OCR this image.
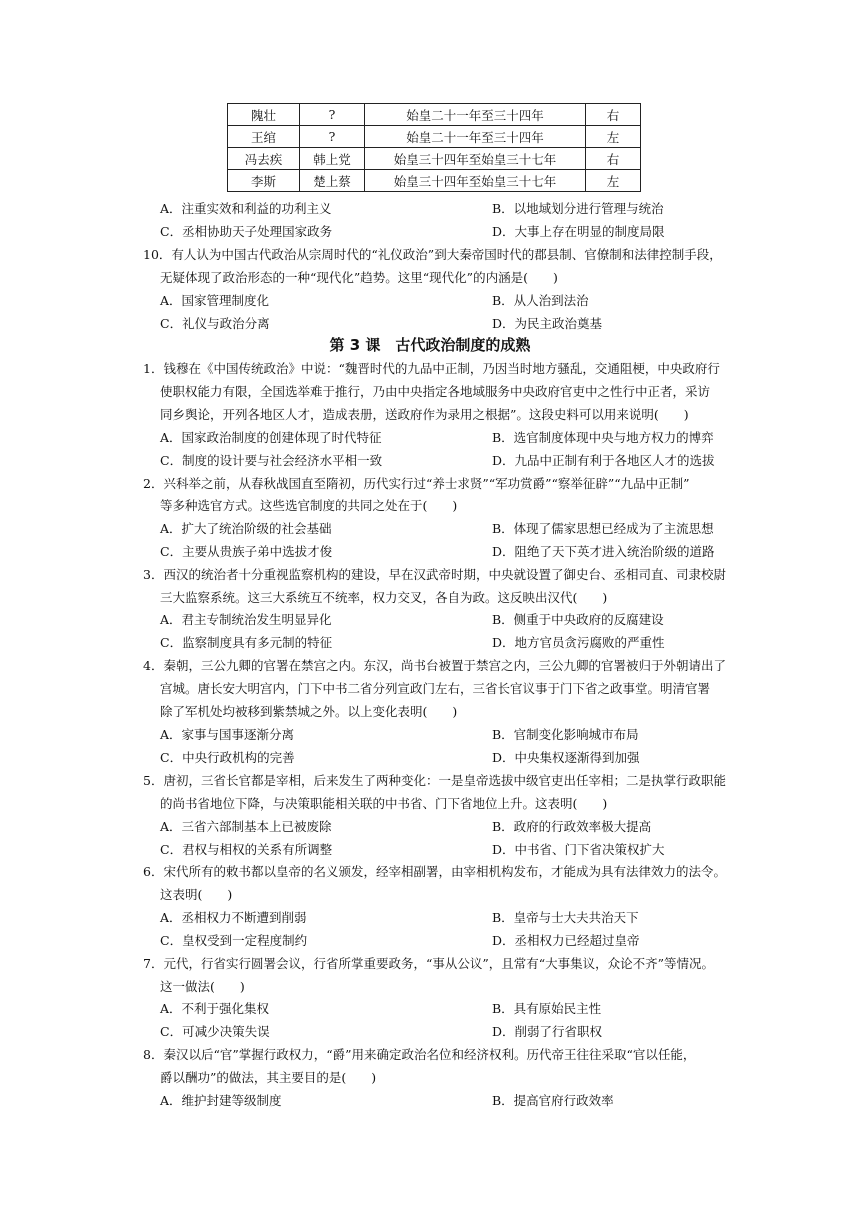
隗壮	?	始皇二十一年至三十四年	右
王绾	?	始皇二十一年至三十四年	左
冯去疾	韩上党	始皇三十四年至始皇三十七年	右
李斯	楚上蔡	始皇三十四年至始皇三十七年	左
A．注重实效和利益的功利主义	B．以地域划分进行管理与统治
C．丞相协助天子处理国家政务	D．大事上存在明显的制度局限
10．有人认为中国古代政治从宗周时代的“礼仪政治”到大秦帝国时代的郡县制、官僚制和法律控制手段，
无疑体现了政治形态的一种“现代化”趋势。这里“现代化”的内涵是(　　)
A．国家管理制度化	B．从人治到法治
C．礼仪与政治分离	D．为民主政治奠基
第 3 课　古代政治制度的成熟
1．钱穆在《中国传统政治》中说：“魏晋时代的九品中正制，乃因当时地方骚乱，交通阻梗，中央政府行
使职权能力有限，全国选举难于推行，乃由中央指定各地域服务中央政府官吏中之性行中正者，采访
同乡舆论，开列各地区人才，造成表册，送政府作为录用之根据”。这段史料可以用来说明(　　)
A．国家政治制度的创建体现了时代特征	B．选官制度体现中央与地方权力的博弈
C．制度的设计要与社会经济水平相一致	D．九品中正制有利于各地区人才的选拔
2．兴科举之前，从春秋战国直至隋初，历代实行过“养士求贤”“军功赏爵”“察举征辟”“九品中正制”
等多种选官方式。这些选官制度的共同之处在于(　　)
A．扩大了统治阶级的社会基础	B．体现了儒家思想已经成为了主流思想
C．主要从贵族子弟中选拔才俊	D．阻绝了天下英才进入统治阶级的道路
3．西汉的统治者十分重视监察机构的建设，早在汉武帝时期，中央就设置了御史台、丞相司直、司隶校尉
三大监察系统。这三大系统互不统率，权力交叉，各自为政。这反映出汉代(　　)
A．君主专制统治发生明显异化	B．侧重于中央政府的反腐建设
C．监察制度具有多元制的特征	D．地方官员贪污腐败的严重性
4．秦朝，三公九卿的官署在禁宫之内。东汉，尚书台被置于禁宫之内，三公九卿的官署被归于外朝请出了
宫城。唐长安大明宫内，门下中书二省分列宣政门左右，三省长官议事于门下省之政事堂。明清官署
除了军机处均被移到紫禁城之外。以上变化表明(　　)
A．家事与国事逐渐分离	B．官制变化影响城市布局
C．中央行政机构的完善	D．中央集权逐渐得到加强
5．唐初，三省长官都是宰相，后来发生了两种变化：一是皇帝选拔中级官吏出任宰相；二是执掌行政职能
的尚书省地位下降，与决策职能相关联的中书省、门下省地位上升。这表明(　　)
A．三省六部制基本上已被废除	B．政府的行政效率极大提高
C．君权与相权的关系有所调整	D．中书省、门下省决策权扩大
6．宋代所有的敕书都以皇帝的名义颁发，经宰相副署，由宰相机构发布，才能成为具有法律效力的法令。
这表明(　　)
A．丞相权力不断遭到削弱	B．皇帝与士大夫共治天下
C．皇权受到一定程度制约	D．丞相权力已经超过皇帝
7．元代，行省实行圆署会议，行省所掌重要政务，“事从公议”，且常有“大事集议，众论不齐”等情况。
这一做法(　　)
A．不利于强化集权	B．具有原始民主性
C．可减少决策失误	D．削弱了行省职权
8．秦汉以后“官”掌握行政权力，“爵”用来确定政治名位和经济权利。历代帝王往往采取“官以任能，
爵以酬功”的做法，其主要目的是(　　)
A．维护封建等级制度	B．提高官府行政效率
